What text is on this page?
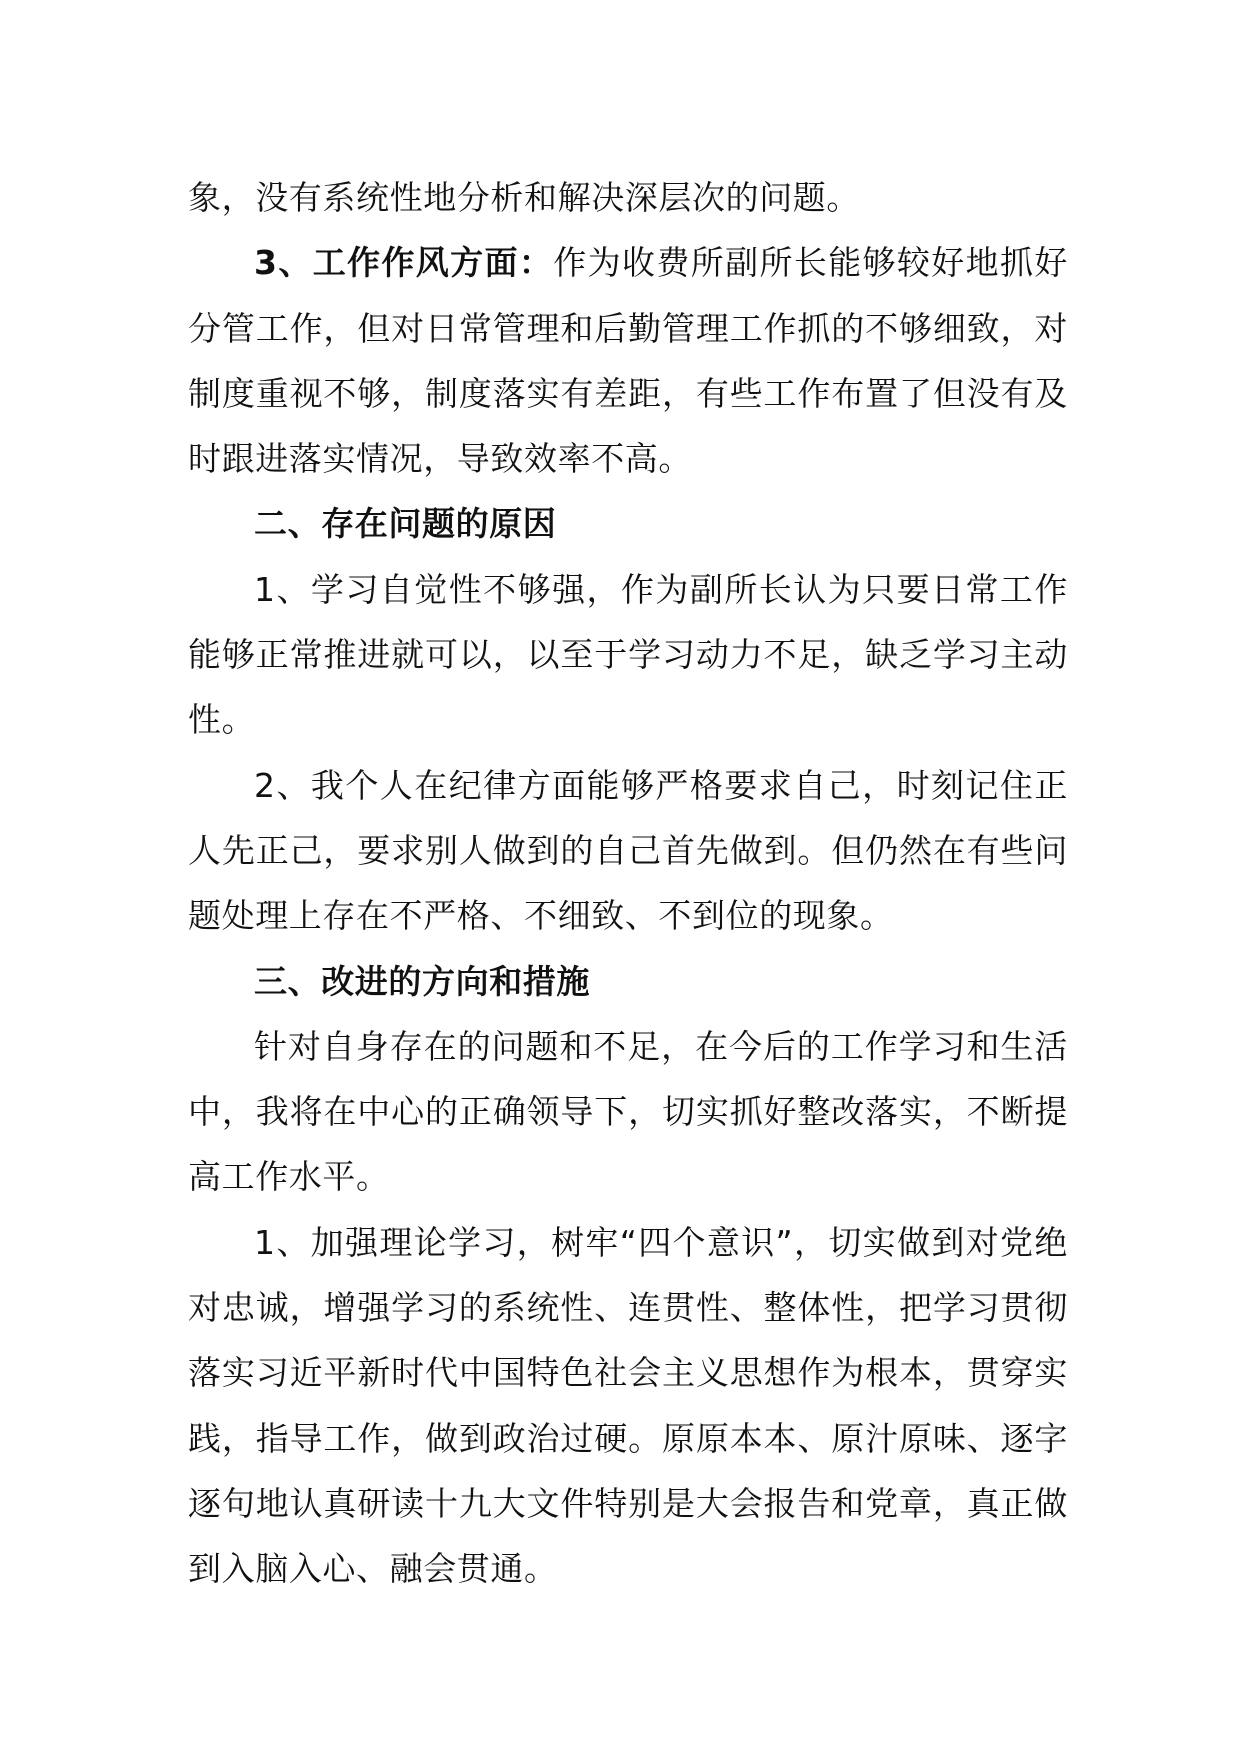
象，没有系统性地分析和解决深层次的问题。

3、工作作风方面：作为收费所副所长能够较好地抓好分管工作，但对日常管理和后勤管理工作抓的不够细致，对制度重视不够，制度落实有差距，有些工作布置了但没有及时跟进落实情况，导致效率不高。

二、存在问题的原因

1、学习自觉性不够强，作为副所长认为只要日常工作能够正常推进就可以，以至于学习动力不足，缺乏学习主动性。

2、我个人在纪律方面能够严格要求自己，时刻记住正人先正己，要求别人做到的自己首先做到。但仍然在有些问题处理上存在不严格、不细致、不到位的现象。

三、改进的方向和措施

针对自身存在的问题和不足，在今后的工作学习和生活中，我将在中心的正确领导下，切实抓好整改落实，不断提高工作水平。

1、加强理论学习，树牢“四个意识”，切实做到对党绝对忠诚，增强学习的系统性、连贯性、整体性，把学习贯彻落实习近平新时代中国特色社会主义思想作为根本，贯穿实践，指导工作，做到政治过硬。原原本本、原汁原味、逐字逐句地认真研读十九大文件特别是大会报告和党章，真正做到入脑入心、融会贯通。
